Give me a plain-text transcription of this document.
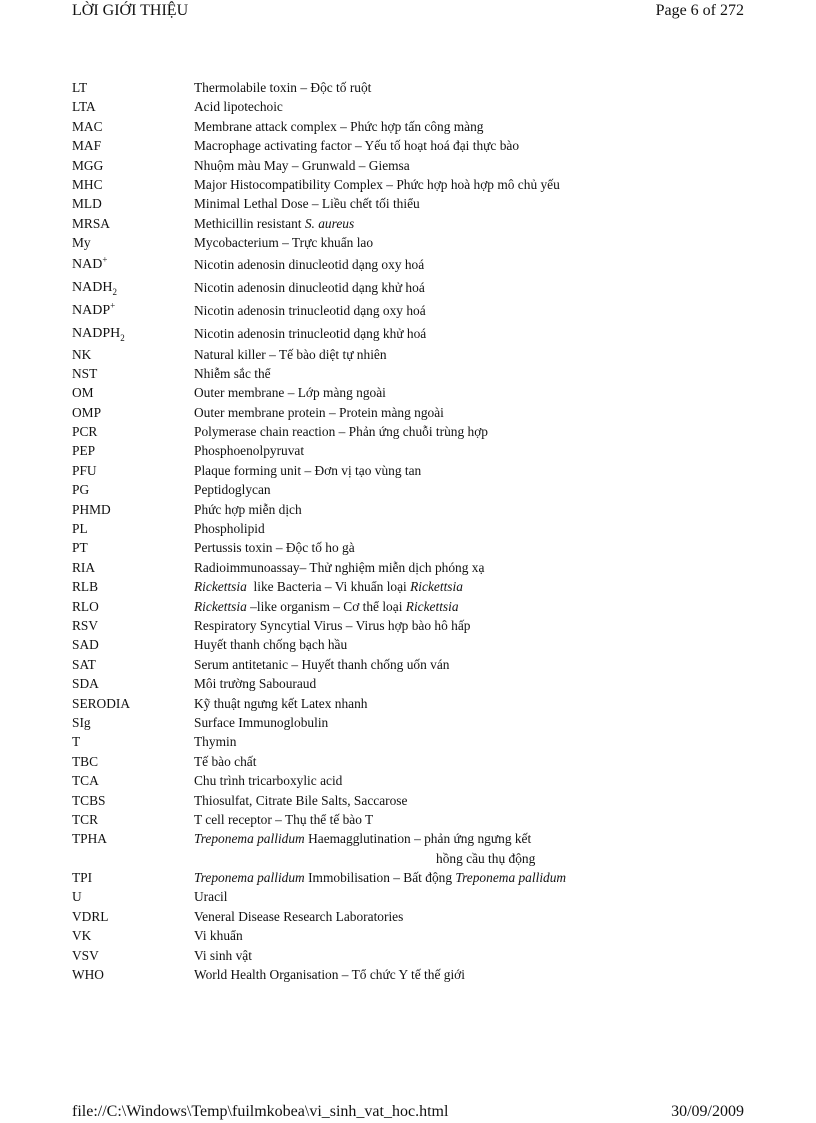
LỜI GIỚI THIỆU	Page 6 of 272
LT	Thermolabile toxin – Độc tố ruột
LTA	Acid lipotechoic
MAC	Membrane attack complex – Phức hợp tấn công màng
MAF	Macrophage activating factor – Yếu tố hoạt hoá đại thực bào
MGG	Nhuộm màu May – Grunwald – Giemsa
MHC	Major Histocompatibility Complex – Phức hợp hoà hợp mô chủ yếu
MLD	Minimal Lethal Dose – Liều chết tối thiểu
MRSA	Methicillin resistant S. aureus
My	Mycobacterium – Trực khuẩn lao
NAD+	Nicotin adenosin dinucleotid dạng oxy hoá
$NADH_2$	Nicotin adenosin dinucleotid dạng khử hoá
NADP+	Nicotin adenosin trinucleotid dạng oxy hoá
$NADPH_2$	Nicotin adenosin trinucleotid dạng khử hoá
NK	Natural killer – Tế bào diệt tự nhiên
NST	Nhiễm sắc thể
OM	Outer membrane – Lớp màng ngoài
OMP	Outer membrane protein – Protein màng ngoài
PCR	Polymerase chain reaction – Phản ứng chuỗi trùng hợp
PEP	Phosphoenolpyruvat
PFU	Plaque forming unit – Đơn vị tạo vùng tan
PG	Peptidoglycan
PHMD	Phức hợp miễn dịch
PL	Phospholipid
PT	Pertussis toxin – Độc tố ho gà
RIA	Radioimmunoassay– Thử nghiệm miễn dịch phóng xạ
RLB	Rickettsia  like Bacteria – Vi khuẩn loại Rickettsia
RLO	Rickettsia –like organism – Cơ thể loại Rickettsia
RSV	Respiratory Syncytial Virus – Virus hợp bào hô hấp
SAD	Huyết thanh chống bạch hầu
SAT	Serum antitetanic – Huyết thanh chống uốn ván
SDA	Môi trường Sabouraud
SERODIA	Kỹ thuật ngưng kết Latex nhanh
SIg	Surface Immunoglobulin
T	Thymin
TBC	Tế bào chất
TCA	Chu trình tricarboxylic acid
TCBS	Thiosulfat, Citrate Bile Salts, Saccarose
TCR	T cell receptor – Thụ thể tế bào T
TPHA	Treponema pallidum Haemagglutination – phản ứng ngưng kết
hồng cầu thụ động
TPI	Treponema pallidum Immobilisation – Bất động Treponema pallidum
U	Uracil
VDRL	Veneral Disease Research Laboratories
VK	Vi khuẩn
VSV	Vi sinh vật
WHO	World Health Organisation – Tổ chức Y tế thế giới
file://C:\Windows\Temp\fuilmkobea\vi_sinh_vat_hoc.html	30/09/2009
